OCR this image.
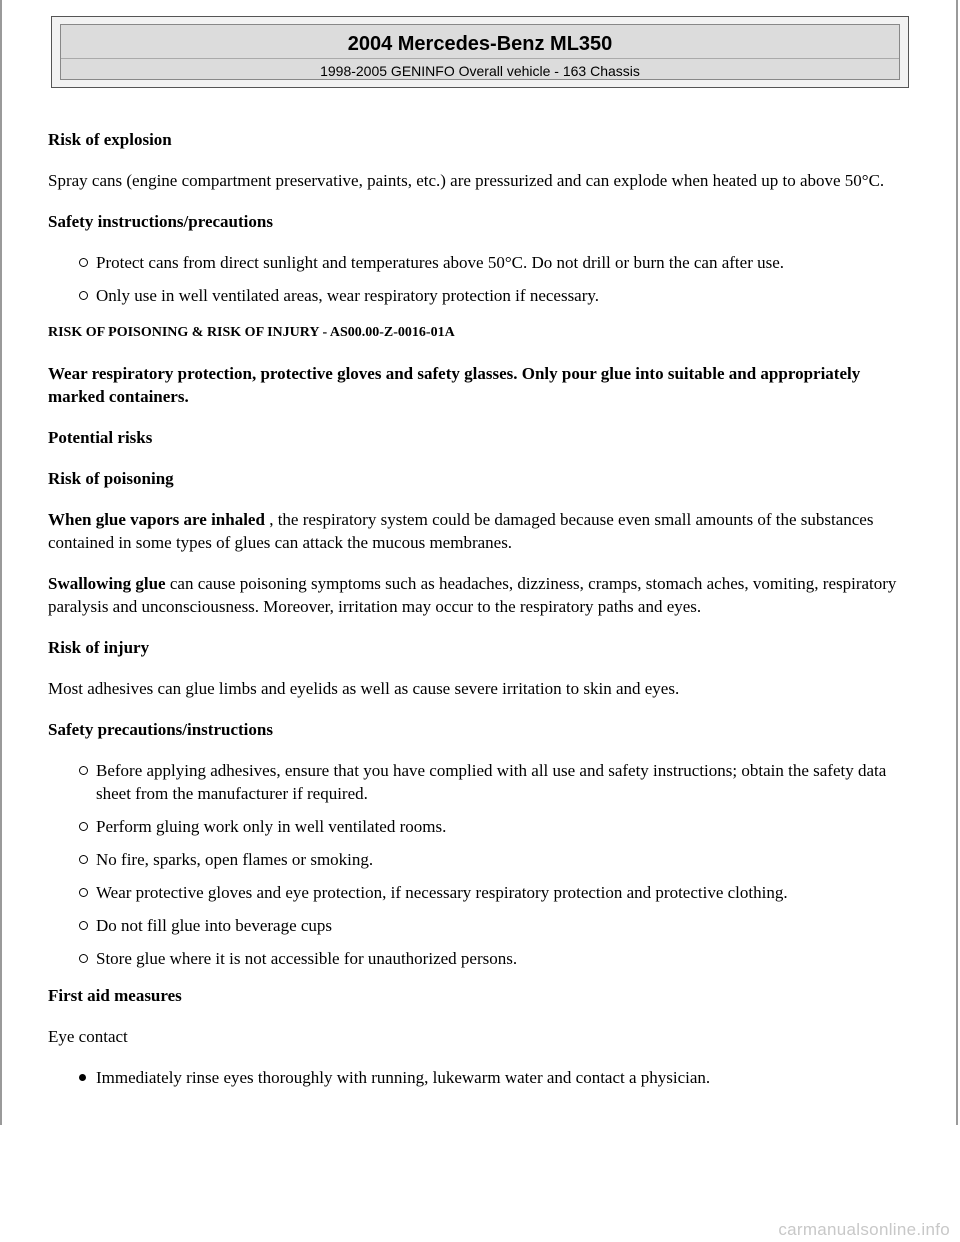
2004 Mercedes-Benz ML350
1998-2005 GENINFO Overall vehicle - 163 Chassis

Risk of explosion

Spray cans (engine compartment preservative, paints, etc.) are pressurized and can explode when heated up to above 50°C.

Safety instructions/precautions

Protect cans from direct sunlight and temperatures above 50°C. Do not drill or burn the can after use.
Only use in well ventilated areas, wear respiratory protection if necessary.

RISK OF POISONING & RISK OF INJURY - AS00.00-Z-0016-01A

Wear respiratory protection, protective gloves and safety glasses. Only pour glue into suitable and appropriately marked containers.

Potential risks

Risk of poisoning

When glue vapors are inhaled , the respiratory system could be damaged because even small amounts of the substances contained in some types of glues can attack the mucous membranes.

Swallowing glue can cause poisoning symptoms such as headaches, dizziness, cramps, stomach aches, vomiting, respiratory paralysis and unconsciousness. Moreover, irritation may occur to the respiratory paths and eyes.

Risk of injury

Most adhesives can glue limbs and eyelids as well as cause severe irritation to skin and eyes.

Safety precautions/instructions

Before applying adhesives, ensure that you have complied with all use and safety instructions; obtain the safety data sheet from the manufacturer if required.
Perform gluing work only in well ventilated rooms.
No fire, sparks, open flames or smoking.
Wear protective gloves and eye protection, if necessary respiratory protection and protective clothing.
Do not fill glue into beverage cups
Store glue where it is not accessible for unauthorized persons.

First aid measures

Eye contact

Immediately rinse eyes thoroughly with running, lukewarm water and contact a physician.
carmanualsonline.info
